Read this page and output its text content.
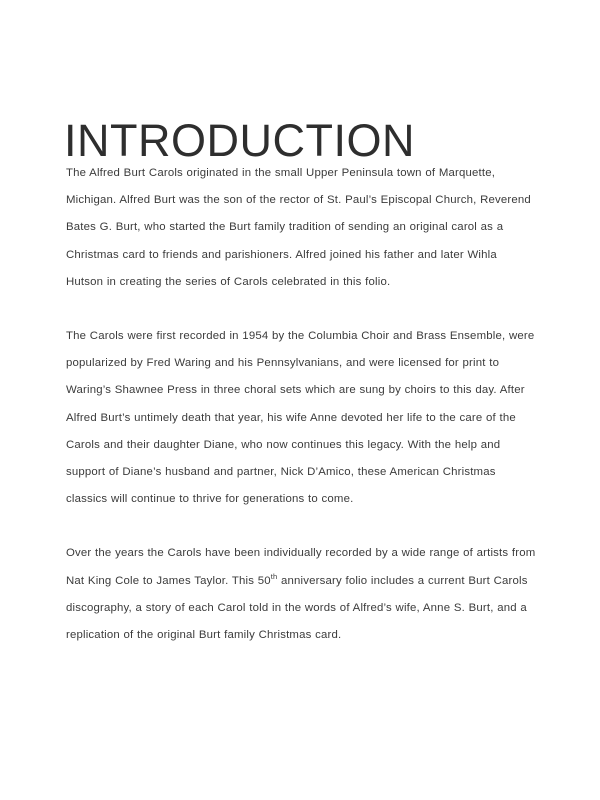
INTRODUCTION

The Alfred Burt Carols originated in the small Upper Peninsula town of Marquette, Michigan. Alfred Burt was the son of the rector of St. Paul’s Episcopal Church, Reverend Bates G. Burt, who started the Burt family tradition of sending an original carol as a Christmas card to friends and parishioners. Alfred joined his father and later Wihla Hutson in creating the series of Carols celebrated in this folio.

The Carols were first recorded in 1954 by the Columbia Choir and Brass Ensemble, were popularized by Fred Waring and his Pennsylvanians, and were licensed for print to Waring’s Shawnee Press in three choral sets which are sung by choirs to this day. After Alfred Burt’s untimely death that year, his wife Anne devoted her life to the care of the Carols and their daughter Diane, who now continues this legacy. With the help and support of Diane’s husband and partner, Nick D’Amico, these American Christmas classics will continue to thrive for generations to come.

Over the years the Carols have been individually recorded by a wide range of artists from Nat King Cole to James Taylor. This 50th anniversary folio includes a current Burt Carols discography, a story of each Carol told in the words of Alfred’s wife, Anne S. Burt, and a replication of the original Burt family Christmas card.
